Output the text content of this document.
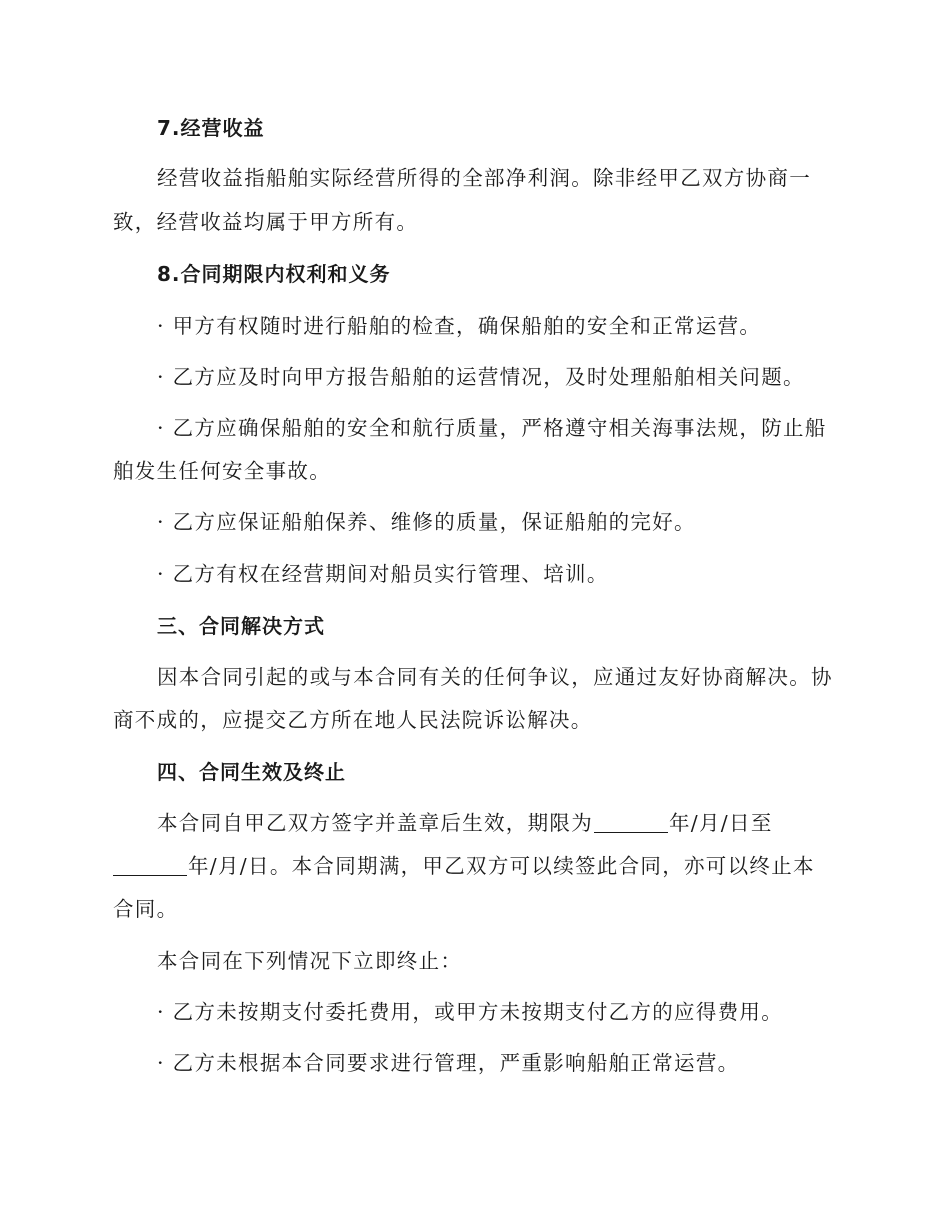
7.经营收益
经营收益指船舶实际经营所得的全部净利润。除非经甲乙双方协商一
致，经营收益均属于甲方所有。
8.合同期限内权利和义务
· 甲方有权随时进行船舶的检查，确保船舶的安全和正常运营。
· 乙方应及时向甲方报告船舶的运营情况，及时处理船舶相关问题。
· 乙方应确保船舶的安全和航行质量，严格遵守相关海事法规，防止船
舶发生任何安全事故。
· 乙方应保证船舶保养、维修的质量，保证船舶的完好。
· 乙方有权在经营期间对船员实行管理、培训。
三、合同解决方式
因本合同引起的或与本合同有关的任何争议，应通过友好协商解决。协
商不成的，应提交乙方所在地人民法院诉讼解决。
四、合同生效及终止
本合同自甲乙双方签字并盖章后生效，期限为	年/月/日至
年/月/日。本合同期满，甲乙双方可以续签此合同，亦可以终止本
合同。
本合同在下列情况下立即终止：
· 乙方未按期支付委托费用，或甲方未按期支付乙方的应得费用。
· 乙方未根据本合同要求进行管理，严重影响船舶正常运营。
